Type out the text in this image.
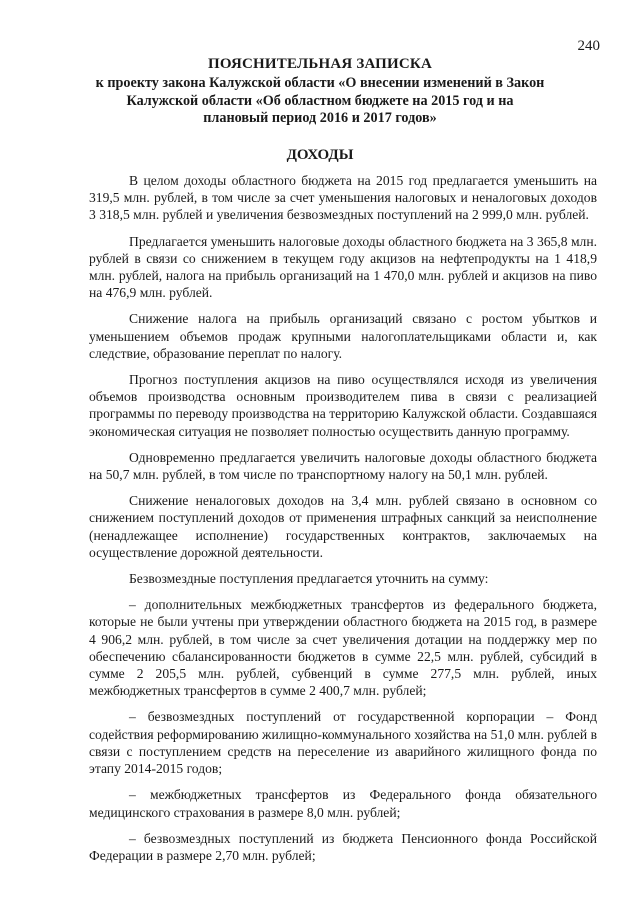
240
ПОЯСНИТЕЛЬНАЯ ЗАПИСКА
к проекту закона Калужской области «О внесении изменений в Закон Калужской области «Об областном бюджете на 2015 год и на плановый период 2016 и 2017 годов»
ДОХОДЫ

В целом доходы областного бюджета на 2015 год предлагается уменьшить на 319,5 млн. рублей, в том числе за счет уменьшения налоговых и неналоговых доходов 3 318,5 млн. рублей и увеличения безвозмездных поступлений на 2 999,0 млн. рублей.

Предлагается уменьшить налоговые доходы областного бюджета на 3 365,8 млн. рублей в связи со снижением в текущем году акцизов на нефтепродукты на 1 418,9 млн. рублей, налога на прибыль организаций на 1 470,0 млн. рублей и акцизов на пиво на 476,9 млн. рублей.

Снижение налога на прибыль организаций связано с ростом убытков и уменьшением объемов продаж крупными налогоплательщиками области и, как следствие, образование переплат по налогу.

Прогноз поступления акцизов на пиво осуществлялся исходя из увеличения объемов производства основным производителем пива в связи с реализацией программы по переводу производства на территорию Калужской области. Создавшаяся экономическая ситуация не позволяет полностью осуществить данную программу.

Одновременно предлагается увеличить налоговые доходы областного бюджета на 50,7 млн. рублей, в том числе по транспортному налогу на 50,1 млн. рублей.

Снижение неналоговых доходов на 3,4 млн. рублей связано в основном со снижением поступлений доходов от применения штрафных санкций за неисполнение (ненадлежащее исполнение) государственных контрактов, заключаемых на осуществление дорожной деятельности.

Безвозмездные поступления предлагается уточнить на сумму:

– дополнительных межбюджетных трансфертов из федерального бюджета, которые не были учтены при утверждении областного бюджета на 2015 год, в размере 4 906,2 млн. рублей, в том числе за счет увеличения дотации на поддержку мер по обеспечению сбалансированности бюджетов в сумме 22,5 млн. рублей, субсидий в сумме 2 205,5 млн. рублей, субвенций в сумме 277,5 млн. рублей, иных межбюджетных трансфертов в сумме 2 400,7 млн. рублей;

– безвозмездных поступлений от государственной корпорации – Фонд содействия реформированию жилищно-коммунального хозяйства на 51,0 млн. рублей в связи с поступлением средств на переселение из аварийного жилищного фонда по этапу 2014-2015 годов;

– межбюджетных трансфертов из Федерального фонда обязательного медицинского страхования в размере 8,0 млн. рублей;

– безвозмездных поступлений из бюджета Пенсионного фонда Российской Федерации в размере 2,70 млн. рублей;
